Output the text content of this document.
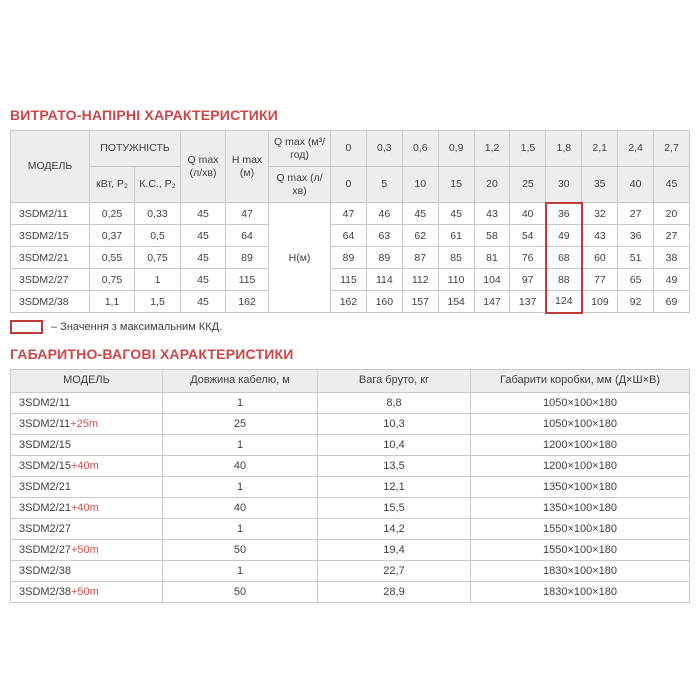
ВИТРАТО-НАПІРНІ ХАРАКТЕРИСТИКИ
МОДЕЛЬ	ПОТУЖНІСТЬ		Q max (л/хв)	H max (м)	Q max (м³/год)	0	0,3	0,6	0,9	1,2	1,5	1,8	2,1	2,4	2,7
	кВт, P₂	К.С., P₂			Q max (л/хв)	0	5	10	15	20	25	30	35	40	45
3SDM2/11	0,25	0,33	45	47	Н(м)	47	46	45	45	43	40	36	32	27	20
3SDM2/15	0,37	0,5	45	64		64	63	62	61	58	54	49	43	36	27
3SDM2/21	0,55	0,75	45	89		89	89	87	85	81	76	68	60	51	38
3SDM2/27	0,75	1	45	115		115	114	112	110	104	97	88	77	65	49
3SDM2/38	1,1	1,5	45	162		162	160	157	154	147	137	124	109	92	69
– Значення з максимальним ККД.
ГАБАРИТНО-ВАГОВІ ХАРАКТЕРИСТИКИ
МОДЕЛЬ	Довжина кабелю, м	Вага бруто, кг	Габарити коробки, мм (Д×Ш×В)
3SDM2/11	1	8,8	1050×100×180
3SDM2/11+25m	25	10,3	1050×100×180
3SDM2/15	1	10,4	1200×100×180
3SDM2/15+40m	40	13,5	1200×100×180
3SDM2/21	1	12,1	1350×100×180
3SDM2/21+40m	40	15,5	1350×100×180
3SDM2/27	1	14,2	1550×100×180
3SDM2/27+50m	50	19,4	1550×100×180
3SDM2/38	1	22,7	1830×100×180
3SDM2/38+50m	50	28,9	1830×100×180
